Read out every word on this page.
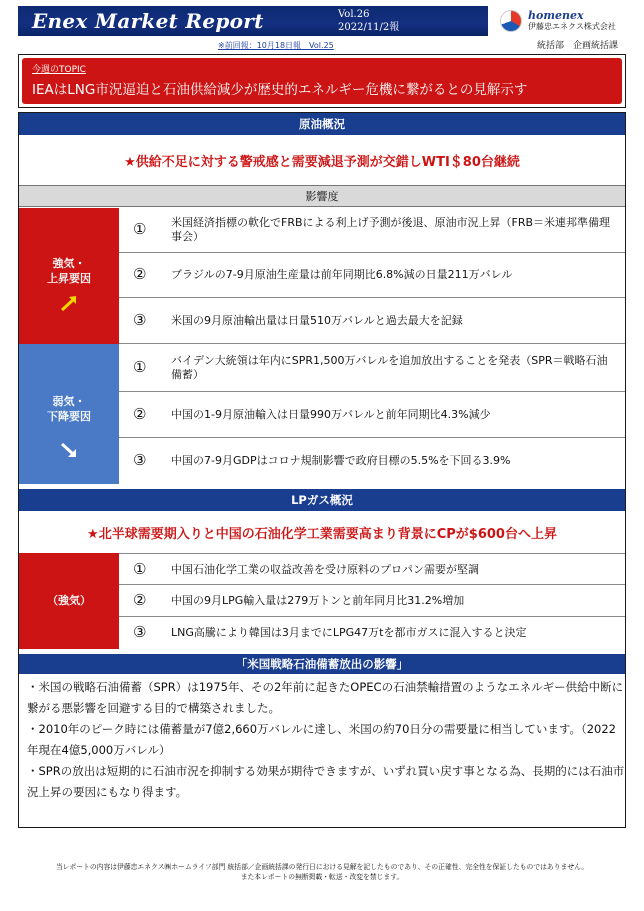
Enex Market Report	Vol.26
2022/11/2報
homenex
伊藤忠エネクス株式会社
※前回報：10月18日報　Vol.25	統括部　企画統括課
今週のTOPIC
IEAはLNG市況逼迫と石油供給減少が歴史的エネルギー危機に繋がるとの見解示す
原油概況
★供給不足に対する警戒感と需要減退予測が交錯しWTI＄80台継続
影響度
強気・
上昇要因
① 米国経済指標の軟化でFRBによる利上げ予測が後退、原油市況上昇（FRB＝米連邦準備理事会）
② ブラジルの7-9月原油生産量は前年同期比6.8%減の日量211万バレル
③ 米国の9月原油輸出量は日量510万バレルと過去最大を記録
弱気・
下降要因
① バイデン大統領は年内にSPR1,500万バレルを追加放出することを発表（SPR＝戦略石油備蓄）
② 中国の1-9月原油輸入は日量990万バレルと前年同期比4.3%減少
③ 中国の7-9月GDPはコロナ規制影響で政府目標の5.5%を下回る3.9%
LPガス概況
★北半球需要期入りと中国の石油化学工業需要高まり背景にCPが$600台へ上昇
（強気）
① 中国石油化学工業の収益改善を受け原料のプロパン需要が堅調
② 中国の9月LPG輸入量は279万トンと前年同月比31.2%増加
③ LNG高騰により韓国は3月までにLPG47万tを都市ガスに混入すると決定
「米国戦略石油備蓄放出の影響」
・米国の戦略石油備蓄（SPR）は1975年、その2年前に起きたOPECの石油禁輸措置のようなエネルギー供給中断に繋がる悪影響を回避する目的で構築されました。
・2010年のピーク時には備蓄量が7億2,660万バレルに達し、米国の約70日分の需要量に相当しています。（2022年現在4億5,000万バレル）
・SPRの放出は短期的に石油市況を抑制する効果が期待できますが、いずれ買い戻す事となる為、長期的には石油市況上昇の要因にもなり得ます。
当レポートの内容は伊藤忠エネクス㈱ホームライフ部門 統括部／企画統括課の発行日における見解を記したものであり、その正確性、完全性を保証したものではありません。
また本レポートの無断掲載・転送・改変を禁じます。
